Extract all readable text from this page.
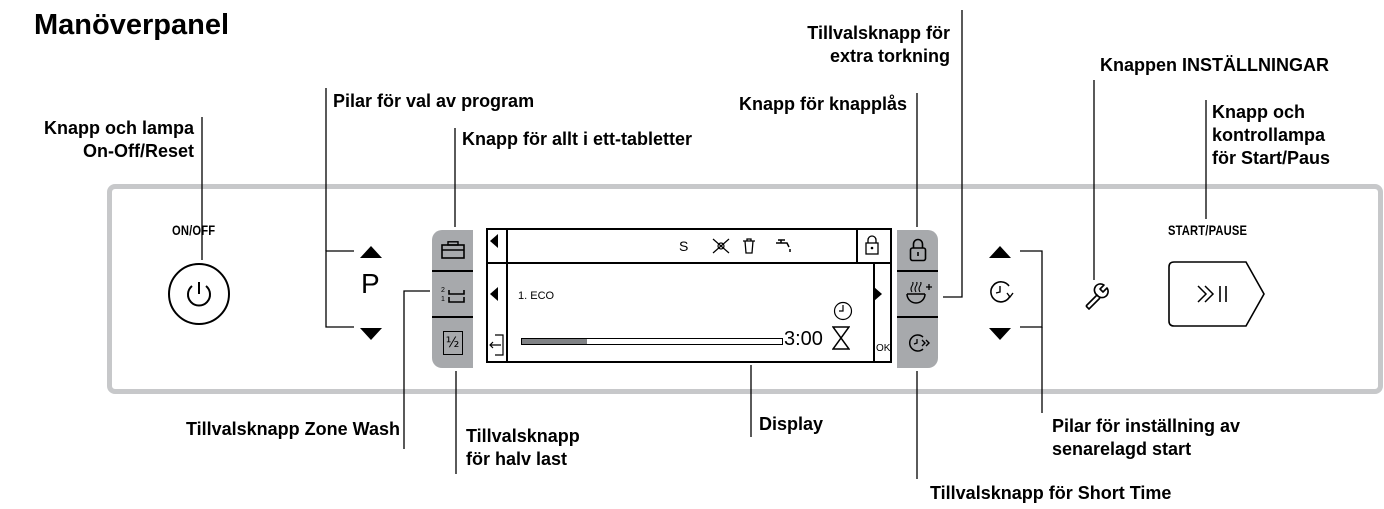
Manöverpanel
Knapp och lampa
On-Off/Reset
Pilar för val av program
Knapp för allt i ett-tabletter
Knapp för knapplås
Tillvalsknapp för
extra torkning	Knappen INSTÄLLNINGAR
Knapp och
kontrollampa
för Start/Paus
Tillvalsknapp Zone Wash	Tillvalsknapp
för halv last
Display	Pilar för inställning av
senarelagd start
Tillvalsknapp för Short Time
ON/OFF
P	2
1
½
S
1. ECO
3:00	OK
START/PAUSE
